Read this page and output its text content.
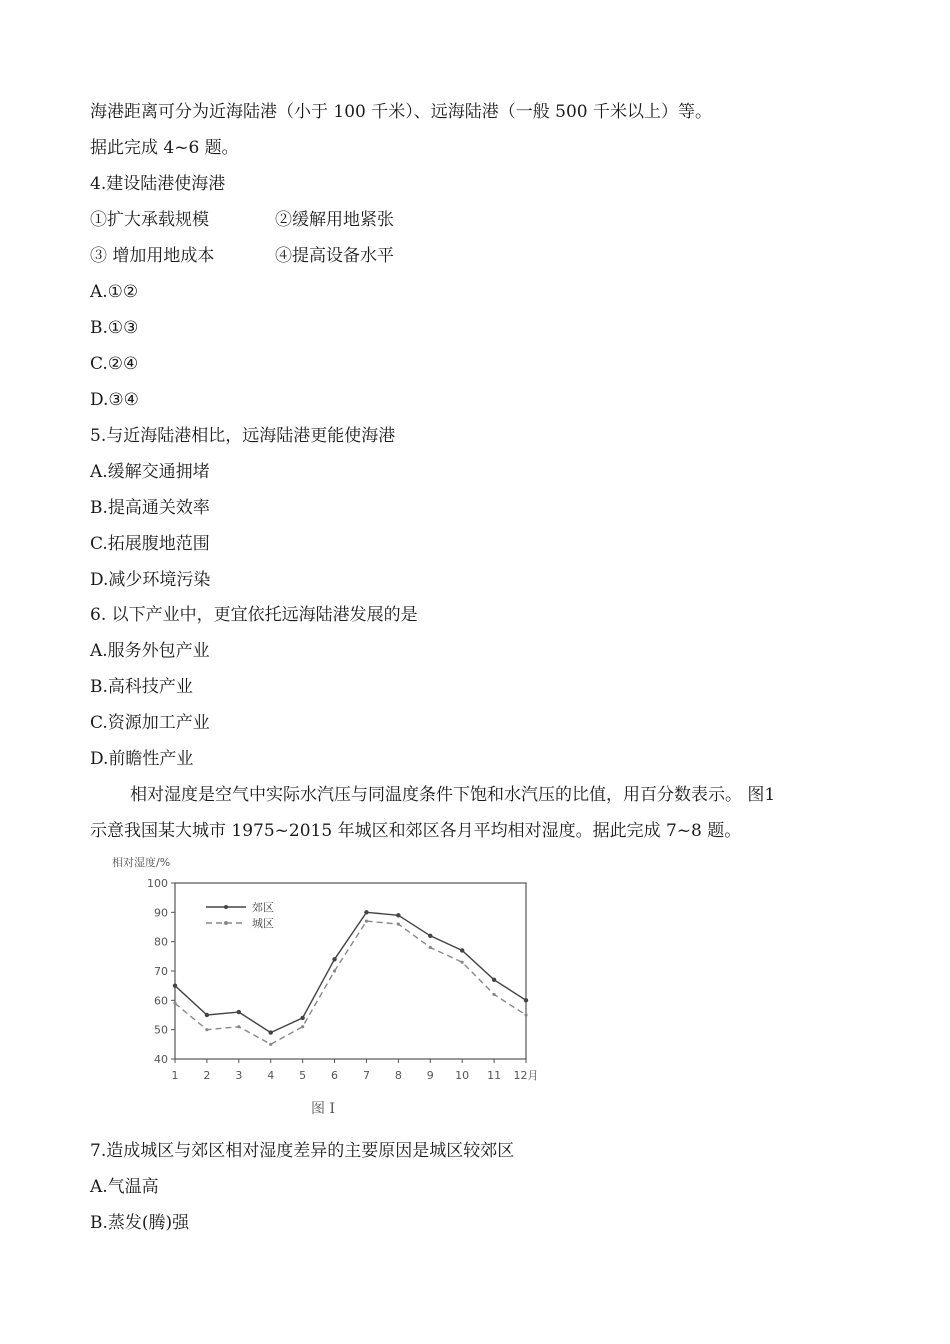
海港距离可分为近海陆港（小于 100 千米）、远海陆港（一般 500 千米以上）等。
据此完成 4~6 题。
4.建设陆港使海港
①扩大承载规模	②缓解用地紧张
③ 增加用地成本	④提高设备水平
A.①②
B.①③
C.②④
D.③④
5.与近海陆港相比，远海陆港更能使海港
A.缓解交通拥堵
B.提高通关效率
C.拓展腹地范围
D.减少环境污染
6. 以下产业中，更宜依托远海陆港发展的是
A.服务外包产业
B.高科技产业
C.资源加工产业
D.前瞻性产业
相对湿度是空气中实际水汽压与同温度条件下饱和水汽压的比值，用百分数表示。 图1
示意我国某大城市 1975~2015 年城区和郊区各月平均相对湿度。据此完成 7~8 题。
相对湿度/%
40
50
60
70
80
90
100
1 2 3 4 5 6 7 8 9 10 11 12月
郊区
城区
图 I
7.造成城区与郊区相对湿度差异的主要原因是城区较郊区
A.气温高
B.蒸发(腾)强
